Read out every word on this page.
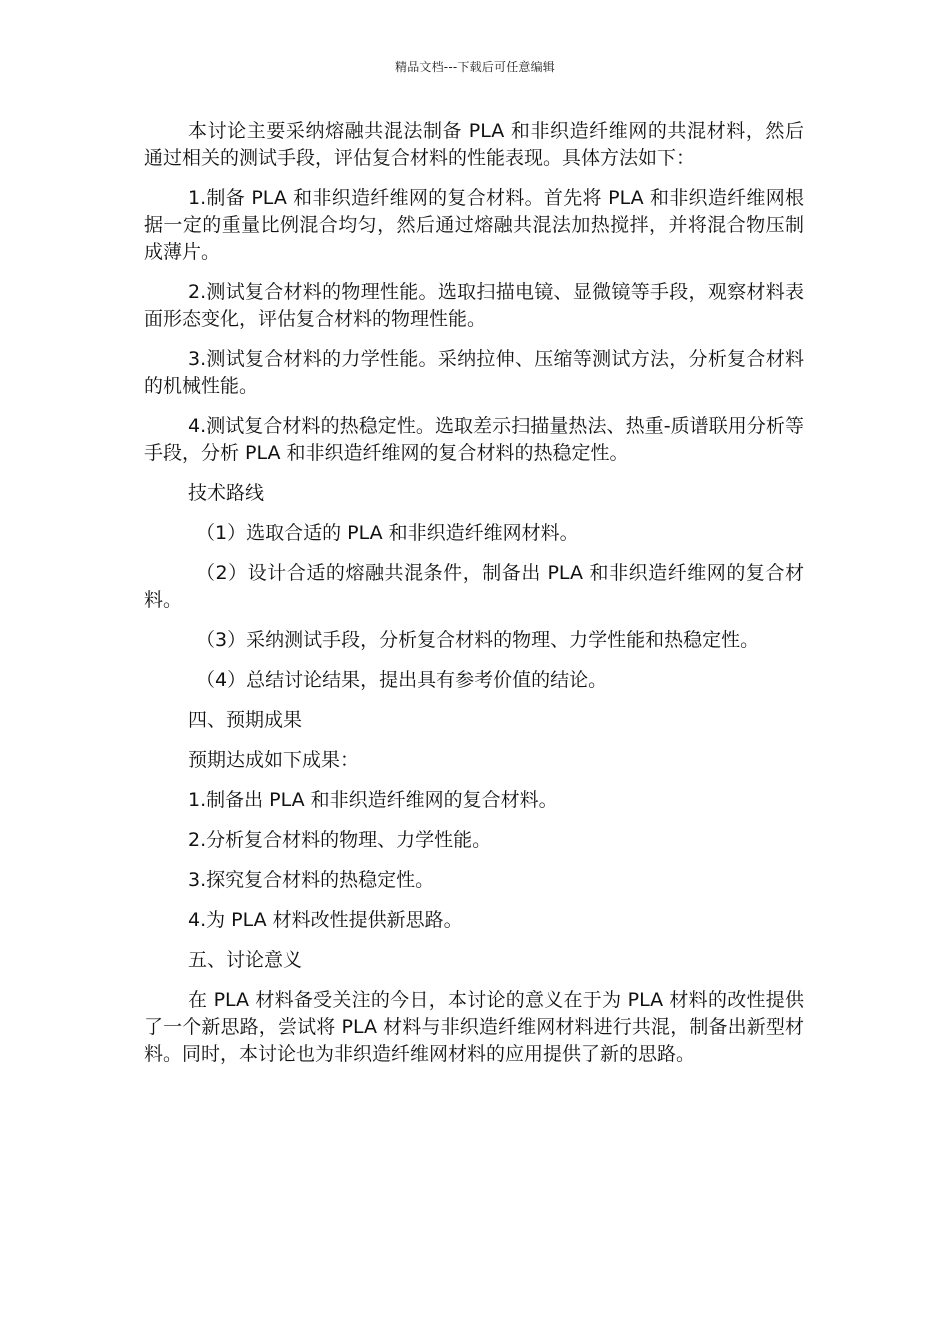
精品文档---下载后可任意编辑

本讨论主要采纳熔融共混法制备 PLA 和非织造纤维网的共混材料，然后通过相关的测试手段，评估复合材料的性能表现。具体方法如下：

1.制备 PLA 和非织造纤维网的复合材料。首先将 PLA 和非织造纤维网根据一定的重量比例混合均匀，然后通过熔融共混法加热搅拌，并将混合物压制成薄片。

2.测试复合材料的物理性能。选取扫描电镜、显微镜等手段，观察材料表面形态变化，评估复合材料的物理性能。

3.测试复合材料的力学性能。采纳拉伸、压缩等测试方法，分析复合材料的机械性能。

4.测试复合材料的热稳定性。选取差示扫描量热法、热重-质谱联用分析等手段，分析 PLA 和非织造纤维网的复合材料的热稳定性。

技术路线

（1）选取合适的 PLA 和非织造纤维网材料。

（2）设计合适的熔融共混条件，制备出 PLA 和非织造纤维网的复合材料。

（3）采纳测试手段，分析复合材料的物理、力学性能和热稳定性。

（4）总结讨论结果，提出具有参考价值的结论。

四、预期成果

预期达成如下成果：

1.制备出 PLA 和非织造纤维网的复合材料。

2.分析复合材料的物理、力学性能。

3.探究复合材料的热稳定性。

4.为 PLA 材料改性提供新思路。

五、讨论意义

在 PLA 材料备受关注的今日，本讨论的意义在于为 PLA 材料的改性提供了一个新思路，尝试将 PLA 材料与非织造纤维网材料进行共混，制备出新型材料。同时，本讨论也为非织造纤维网材料的应用提供了新的思路。
